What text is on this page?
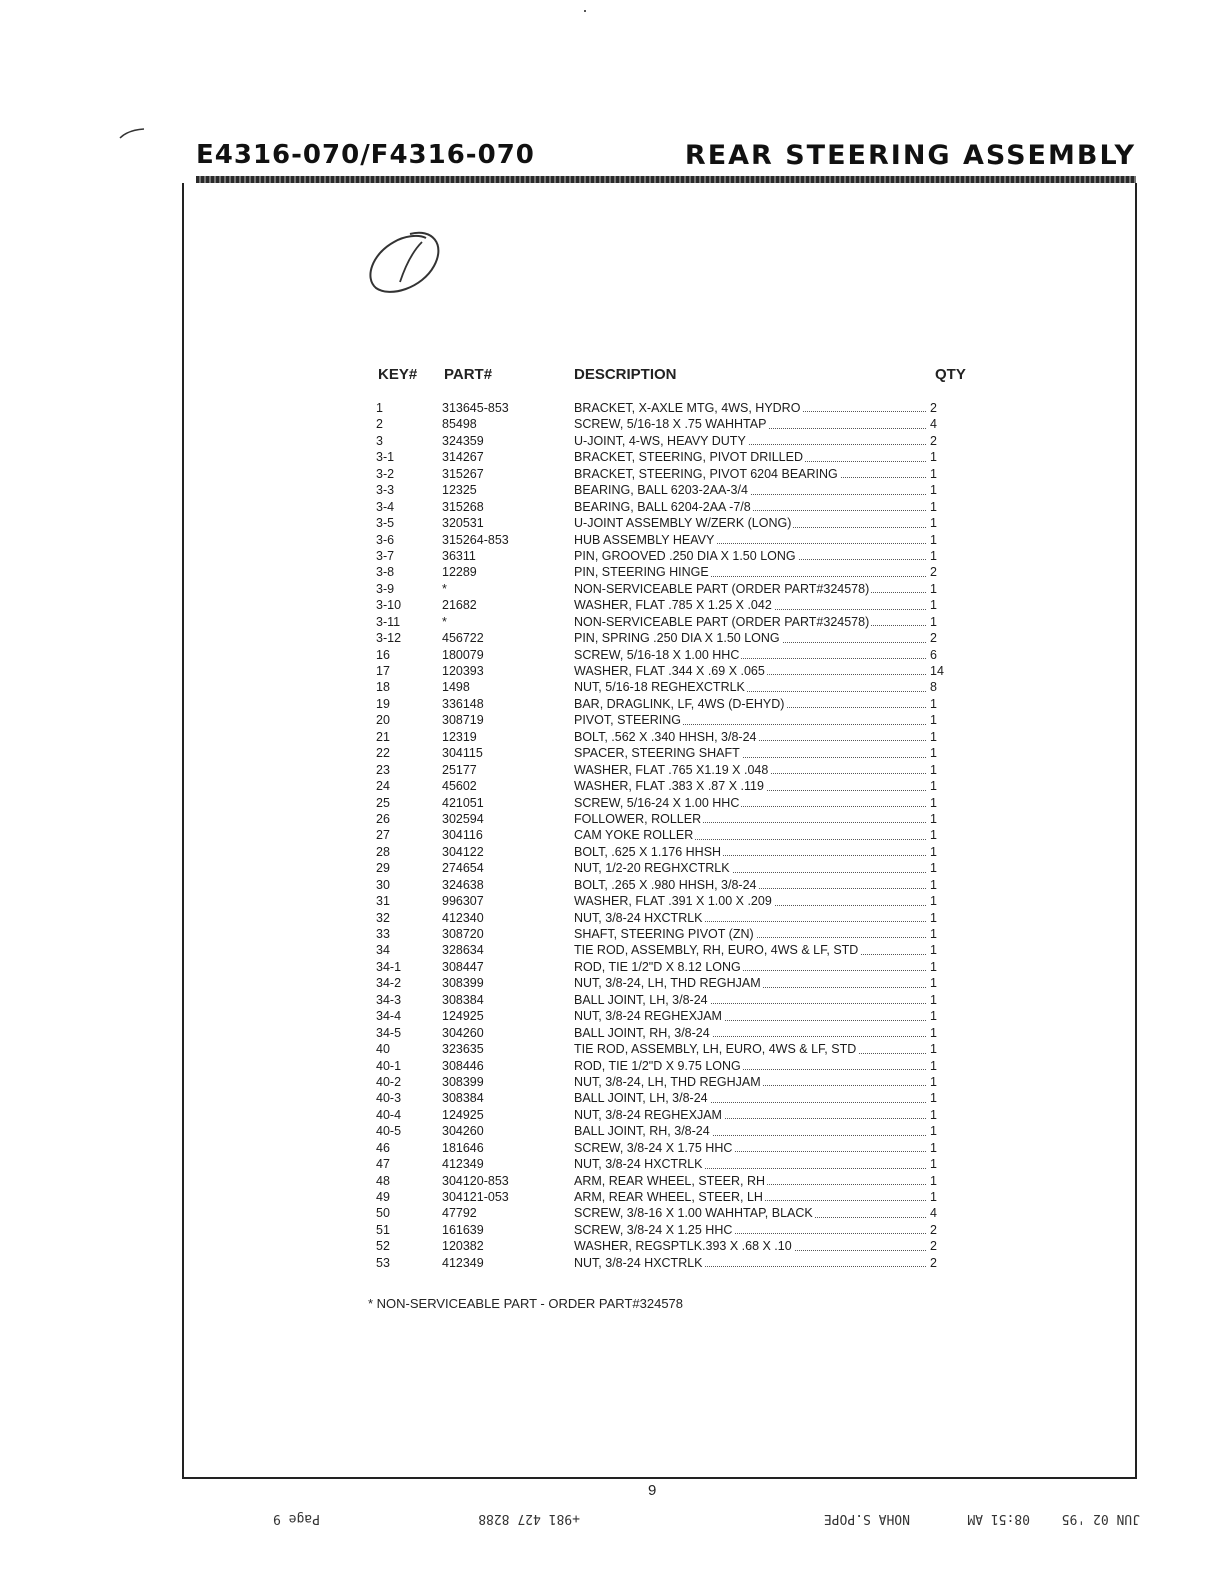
E4316-070/F4316-070	REAR STEERING ASSEMBLY
KEY# PART#	DESCRIPTION	QTY
1	313645-853	BRACKET, X-AXLE MTG, 4WS, HYDRO	2
2	85498	SCREW, 5/16-18 X .75 WAHHTAP	4
3	324359	U-JOINT, 4-WS, HEAVY DUTY	2
3-1	314267	BRACKET, STEERING, PIVOT DRILLED	1
3-2	315267	BRACKET, STEERING, PIVOT 6204 BEARING	1
3-3	12325	BEARING, BALL 6203-2AA-3/4	1
3-4	315268	BEARING, BALL 6204-2AA -7/8	1
3-5	320531	U-JOINT ASSEMBLY W/ZERK (LONG)	1
3-6	315264-853	HUB ASSEMBLY HEAVY	1
3-7	36311	PIN, GROOVED .250 DIA X 1.50 LONG	1
3-8	12289	PIN, STEERING HINGE	2
3-9	*	NON-SERVICEABLE PART (ORDER PART#324578)	1
3-10	21682	WASHER, FLAT .785 X 1.25 X .042	1
3-11	*	NON-SERVICEABLE PART (ORDER PART#324578)	1
3-12	456722	PIN, SPRING .250 DIA X 1.50 LONG	2
16	180079	SCREW, 5/16-18 X 1.00 HHC	6
17	120393	WASHER, FLAT .344 X .69 X .065	14
18	1498	NUT, 5/16-18 REGHEXCTRLK	8
19	336148	BAR, DRAGLINK, LF, 4WS (D-EHYD)	1
20	308719	PIVOT, STEERING	1
21	12319	BOLT, .562 X .340 HHSH, 3/8-24	1
22	304115	SPACER, STEERING SHAFT	1
23	25177	WASHER, FLAT .765 X1.19 X .048	1
24	45602	WASHER, FLAT .383 X .87 X .119	1
25	421051	SCREW, 5/16-24 X 1.00 HHC	1
26	302594	FOLLOWER, ROLLER	1
27	304116	CAM YOKE ROLLER	1
28	304122	BOLT, .625 X 1.176 HHSH	1
29	274654	NUT, 1/2-20 REGHXCTRLK	1
30	324638	BOLT, .265 X .980 HHSH, 3/8-24	1
31	996307	WASHER, FLAT .391 X 1.00 X .209	1
32	412340	NUT, 3/8-24 HXCTRLK	1
33	308720	SHAFT, STEERING PIVOT (ZN)	1
34	328634	TIE ROD, ASSEMBLY, RH, EURO, 4WS & LF, STD	1
34-1	308447	ROD, TIE 1/2"D X 8.12 LONG	1
34-2	308399	NUT, 3/8-24, LH, THD REGHJAM	1
34-3	308384	BALL JOINT, LH, 3/8-24	1
34-4	124925	NUT, 3/8-24 REGHEXJAM	1
34-5	304260	BALL JOINT, RH, 3/8-24	1
40	323635	TIE ROD, ASSEMBLY, LH, EURO, 4WS & LF, STD	1
40-1	308446	ROD, TIE 1/2"D X 9.75 LONG	1
40-2	308399	NUT, 3/8-24, LH, THD REGHJAM	1
40-3	308384	BALL JOINT, LH, 3/8-24	1
40-4	124925	NUT, 3/8-24 REGHEXJAM	1
40-5	304260	BALL JOINT, RH, 3/8-24	1
46	181646	SCREW, 3/8-24 X 1.75 HHC	1
47	412349	NUT, 3/8-24 HXCTRLK	1
48	304120-853	ARM, REAR WHEEL, STEER, RH	1
49	304121-053	ARM, REAR WHEEL, STEER, LH	1
50	47792	SCREW, 3/8-16 X 1.00 WAHHTAP, BLACK	4
51	161639	SCREW, 3/8-24 X 1.25 HHC	2
52	120382	WASHER, REGSPTLK.393 X .68 X .10	2
53	412349	NUT, 3/8-24 HXCTRLK	2
* NON-SERVICEABLE PART - ORDER PART#324578
9
JUN 02 '95
08:51 AM
NOHA S.POPE
+981 427 8288
Page 9
